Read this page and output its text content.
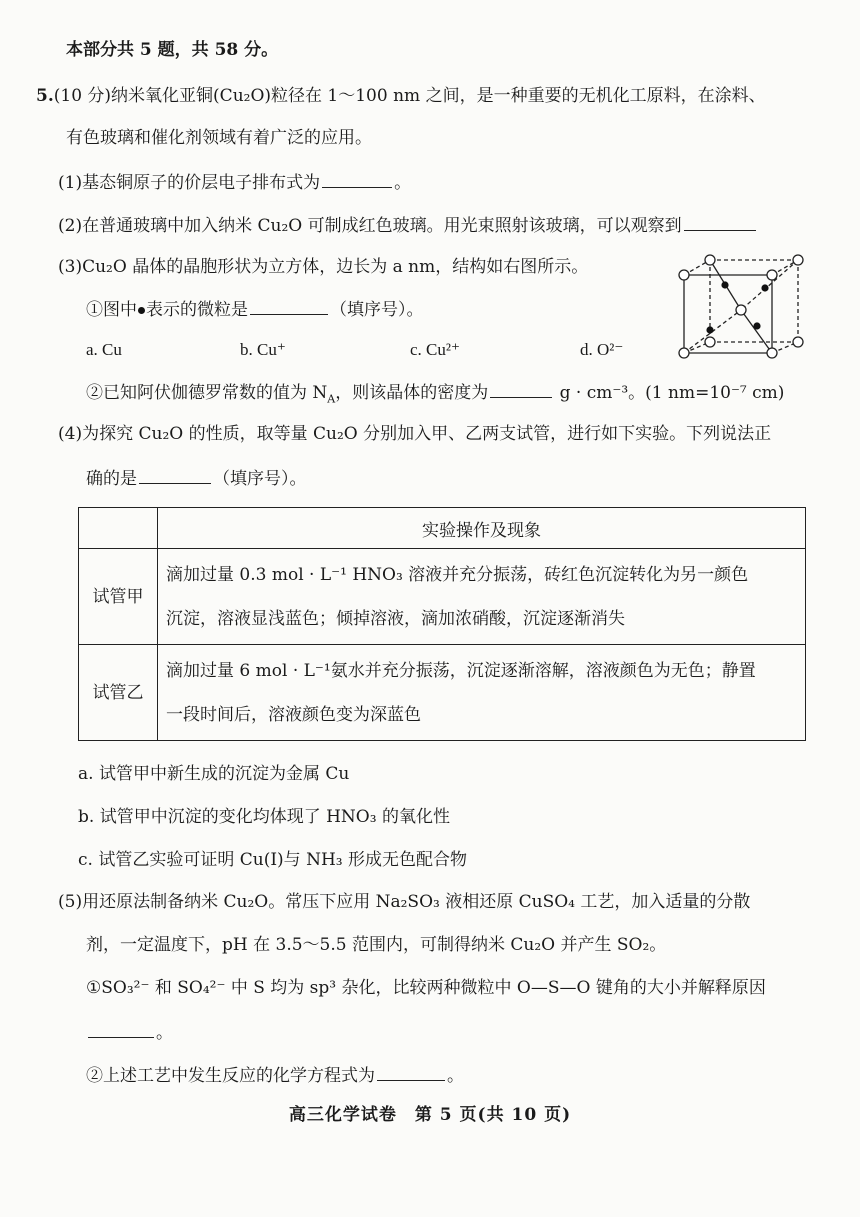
本部分共 5 题，共 58 分。
5.(10 分)纳米氧化亚铜(Cu₂O)粒径在 1～100 nm 之间，是一种重要的无机化工原料，在涂料、
有色玻璃和催化剂领域有着广泛的应用。
(1)基态铜原子的价层电子排布式为	。
(2)在普通玻璃中加入纳米 Cu₂O 可制成红色玻璃。用光束照射该玻璃，可以观察到
(3)Cu₂O 晶体的晶胞形状为立方体，边长为 a nm，结构如右图所示。
①图中 表示的微粒是	（填序号）。
a. Cu	b. Cu⁺	c. Cu²⁺	d. O²⁻
②已知阿伏伽德罗常数的值为 $N_A$，则该晶体的密度为	g · cm⁻³。(1 nm=10⁻⁷ cm)
(4)为探究 Cu₂O 的性质，取等量 Cu₂O 分别加入甲、乙两支试管，进行如下实验。下列说法正
确的是	（填序号）。
	实验操作及现象
试管甲	滴加过量 0.3 mol · L⁻¹ HNO₃ 溶液并充分振荡，砖红色沉淀转化为另一颜色
沉淀，溶液显浅蓝色；倾掉溶液，滴加浓硝酸，沉淀逐渐消失

试管乙	滴加过量 6 mol · L⁻¹氨水并充分振荡，沉淀逐渐溶解，溶液颜色为无色；静置
一段时间后，溶液颜色变为深蓝色
a. 试管甲中新生成的沉淀为金属 Cu
b. 试管甲中沉淀的变化均体现了 HNO₃ 的氧化性
c. 试管乙实验可证明 Cu(Ⅰ)与 NH₃ 形成无色配合物
(5)用还原法制备纳米 Cu₂O。常压下应用 Na₂SO₃ 液相还原 CuSO₄ 工艺，加入适量的分散
剂，一定温度下，pH 在 3.5～5.5 范围内，可制得纳米 Cu₂O 并产生 SO₂。
①SO₃²⁻ 和 SO₄²⁻ 中 S 均为 sp³ 杂化，比较两种微粒中 O—S—O 键角的大小并解释原因
。
②上述工艺中发生反应的化学方程式为	。
高三化学试卷　第 5 页(共 10 页)
